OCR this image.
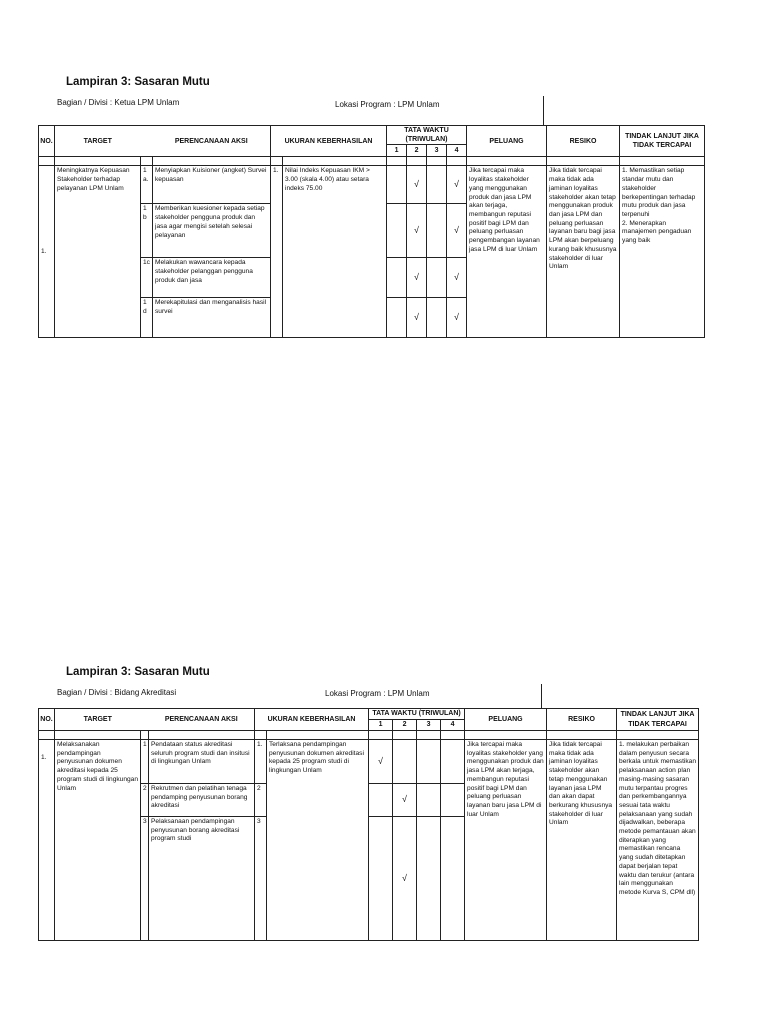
Lampiran 3: Sasaran Mutu
Bagian / Divisi : Ketua LPM Unlam	Lokasi Program : LPM Unlam
NO.	TARGET		PERENCANAAN AKSI	UKURAN KEBERHASILAN		TATA WAKTU (TRIWULAN)				PELUANG	RESIKO	TINDAK LANJUT JIKA TIDAK TERCAPAI
						1	2	3	4			

1.	Meningkatnya Kepuasan Stakeholder terhadap pelayanan LPM Unlam	1a.	Menyiapkan Kuisioner (angket) Survei kepuasan	1.	Nilai Indeks Kepuasan IKM > 3.00 (skala 4.00) atau setara indeks 75.00		√		√	Jika tercapai maka loyalitas stakeholder yang menggunakan produk dan jasa LPM akan terjaga, membangun reputasi positif bagi LPM dan peluang perluasan pengembangan layanan jasa LPM di luar Unlam	Jika tidak tercapai maka tidak ada jaminan loyalitas stakeholder akan tetap menggunakan produk dan jasa LPM dan peluang perluasan layanan baru bagi jasa LPM akan berpeluang kurang baik khususnya stakeholder di luar Unlam	1. Memastikan setiap standar mutu dan stakeholder berkepentingan terhadap mutu produk dan jasa terpenuhi
2. Menerapkan manajemen pengaduan yang baik
		1b	Memberikan kuesioner kepada setiap stakeholder pengguna produk dan jasa agar mengisi setelah selesai pelayanan				√		√			
		1c	Melakukan wawancara kepada stakeholder pelanggan pengguna produk dan jasa				√		√			
		1d	Merekapitulasi dan menganalisis hasil survei				√		√			
Lampiran 3: Sasaran Mutu
Bagian / Divisi : Bidang Akreditasi	Lokasi Program : LPM Unlam
NO.	TARGET		PERENCANAAN AKSI	UKURAN KEBERHASILAN		TATA WAKTU (TRIWULAN)				PELUANG	RESIKO	TINDAK LANJUT JIKA TIDAK TERCAPAI
						1	2	3	4			

1.	Melaksanakan pendampingan penyusunan dokumen akreditasi kepada 25 program studi di lingkungan Unlam	1	Pendataan status akreditasi seluruh program studi dan insitusi di lingkungan Unlam	1.	Terlaksana pendampingan penyusunan dokumen akreditasi kepada 25 program studi di lingkungan Unlam	√				Jika tercapai maka loyalitas stakeholder yang menggunakan produk dan jasa LPM akan terjaga, membangun reputasi positif bagi LPM dan peluang perluasan layanan baru jasa LPM di luar Unlam	Jika tidak tercapai maka tidak ada jaminan loyalitas stakeholder akan tetap menggunakan layanan jasa LPM dan akan dapat berkurang khususnya stakeholder di luar Unlam	1. melakukan perbaikan dalam penyusun secara berkala untuk memastikan pelaksanaan action plan masing-masing sasaran mutu terpantau progres dan perkembangannya sesuai tata waktu pelaksanaan yang sudah dijadwalkan, beberapa metode pemantauan akan diterapkan yang memastikan rencana yang sudah ditetapkan dapat berjalan tepat waktu dan terukur (antara lain menggunakan metode Kurva S, CPM dll)
		2	Rekrutmen dan pelatihan tenaga pendamping penyusunan borang akreditasi	2			√					
		3	Pelaksanaan pendampingan penyusunan borang akreditasi program studi	3			√					
